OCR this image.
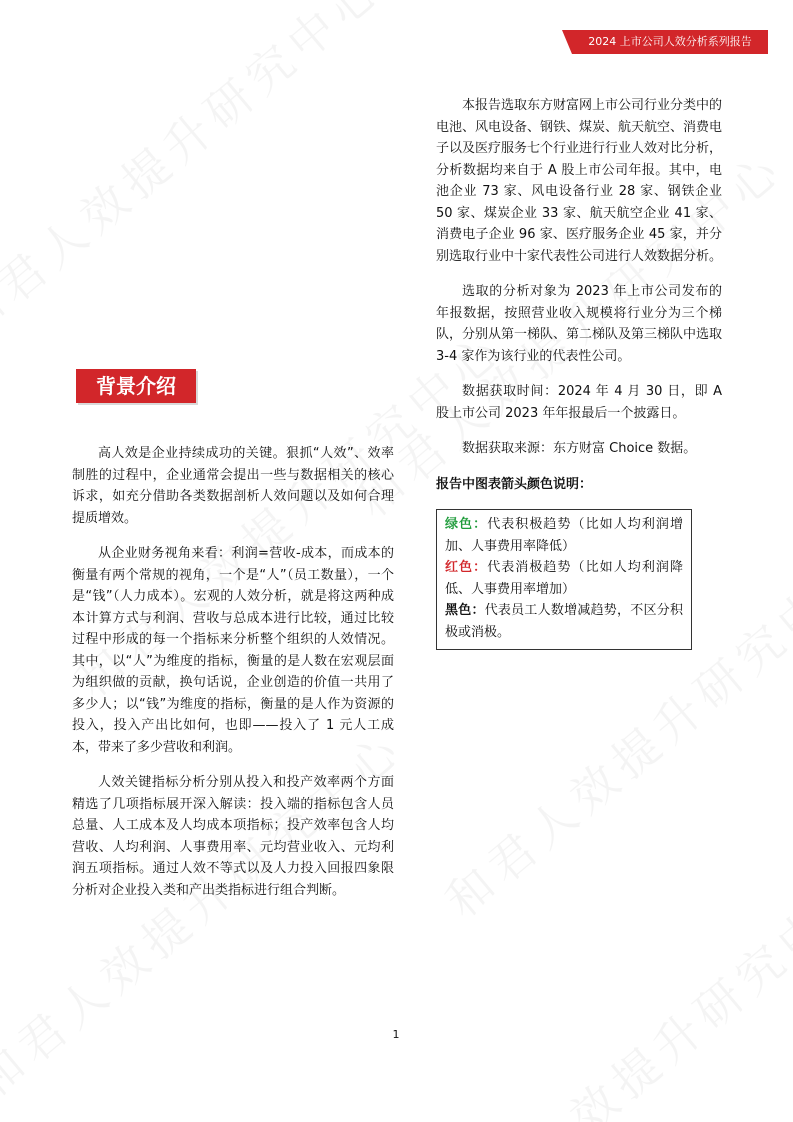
2024 上市公司人效分析系列报告
背景介绍

高人效是企业持续成功的关键。狠抓“人效”、效率制胜的过程中，企业通常会提出一些与数据相关的核心诉求，如充分借助各类数据剖析人效问题以及如何合理提质增效。

从企业财务视角来看：利润=营收-成本，而成本的衡量有两个常规的视角，一个是“人”（员工数量），一个是“钱”（人力成本）。宏观的人效分析，就是将这两种成本计算方式与利润、营收与总成本进行比较，通过比较过程中形成的每一个指标来分析整个组织的人效情况。其中，以“人”为维度的指标，衡量的是人数在宏观层面为组织做的贡献，换句话说，企业创造的价值一共用了多少人；以“钱”为维度的指标，衡量的是人作为资源的投入，投入产出比如何，也即——投入了 1 元人工成本，带来了多少营收和利润。

人效关键指标分析分别从投入和投产效率两个方面精选了几项指标展开深入解读：投入端的指标包含人员总量、人工成本及人均成本项指标；投产效率包含人均营收、人均利润、人事费用率、元均营业收入、元均利润五项指标。通过人效不等式以及人力投入回报四象限分析对企业投入类和产出类指标进行组合判断。

本报告选取东方财富网上市公司行业分类中的电池、风电设备、钢铁、煤炭、航天航空、消费电子以及医疗服务七个行业进行行业人效对比分析，分析数据均来自于 A 股上市公司年报。其中，电池企业 73 家、风电设备行业 28 家、钢铁企业 50 家、煤炭企业 33 家、航天航空企业 41 家、消费电子企业 96 家、医疗服务企业 45 家，并分别选取行业中十家代表性公司进行人效数据分析。

选取的分析对象为 2023 年上市公司发布的年报数据，按照营业收入规模将行业分为三个梯队，分别从第一梯队、第二梯队及第三梯队中选取 3-4 家作为该行业的代表性公司。

数据获取时间：2024 年 4 月 30 日，即 A 股上市公司 2023 年年报最后一个披露日。

数据获取来源：东方财富 Choice 数据。

报告中图表箭头颜色说明：

绿色：代表积极趋势（比如人均利润增加、人事费用率降低）
红色：代表消极趋势（比如人均利润降低、人事费用率增加）
黑色：代表员工人数增减趋势，不区分积极或消极。
1
